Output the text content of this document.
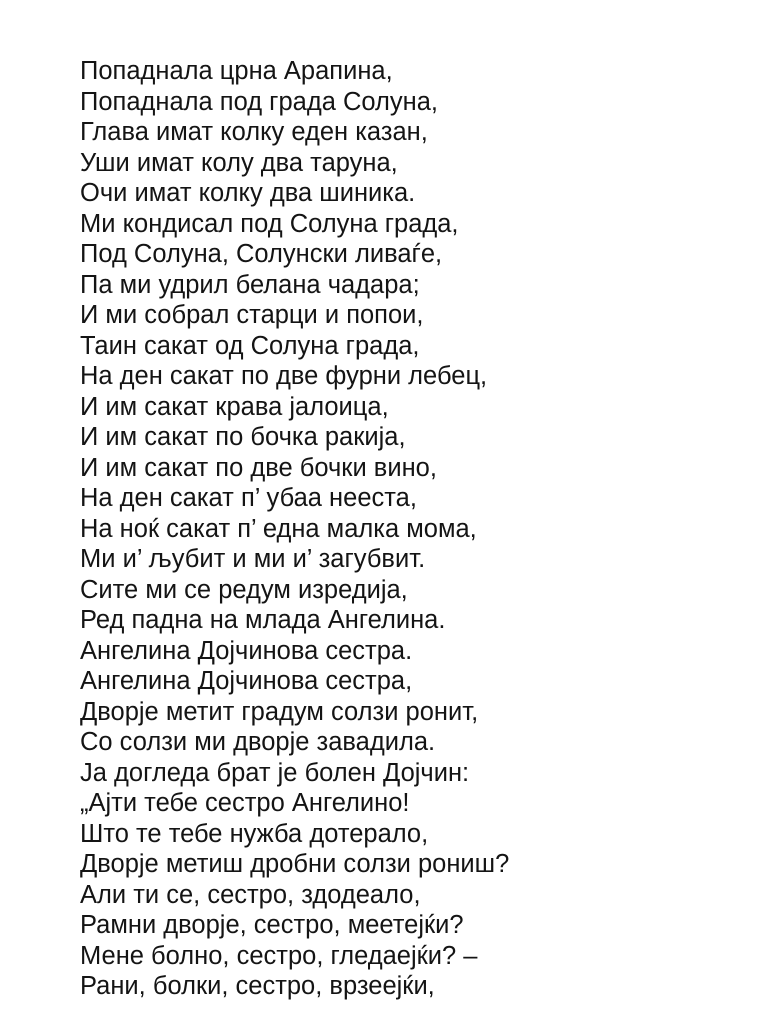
Попаднала црна Арапина,
Попаднала под града Солуна,
Глава имат колку еден казан,
Уши имат колу два таруна,
Очи имат колку два шиника.
Ми кондисал под Солуна града,
Под Солуна, Солунски ливаѓе,
Па ми удрил белана чадара;
И ми собрал старци и попои,
Таин сакат од Солуна града,
На ден сакат по две фурни лебец,
И им сакат крава јалоица,
И им сакат по бочка ракија,
И им сакат по две бочки вино,
На ден сакат п’ убаа нееста,
На ноќ сакат п’ една малка мома,
Ми и’ љубит и ми и’ загубвит.
Сите ми се редум изредија,
Ред падна на млада Ангелина.
Ангелина Дојчинова сестра.
Ангелина Дојчинова сестра,
Дворје метит градум солзи ронит,
Со солзи ми дворје завадила.
Ја догледа брат је болен Дојчин:
„Ајти тебе сестро Ангелино!
Што те тебе нужба дотерало,
Дворје метиш дробни солзи рониш?
Али ти се, сестро, здодеало,
Рамни дворје, сестро, меетејќи?
Мене болно, сестро, гледаејќи? –
Рани, болки, сестро, врзеејќи,
